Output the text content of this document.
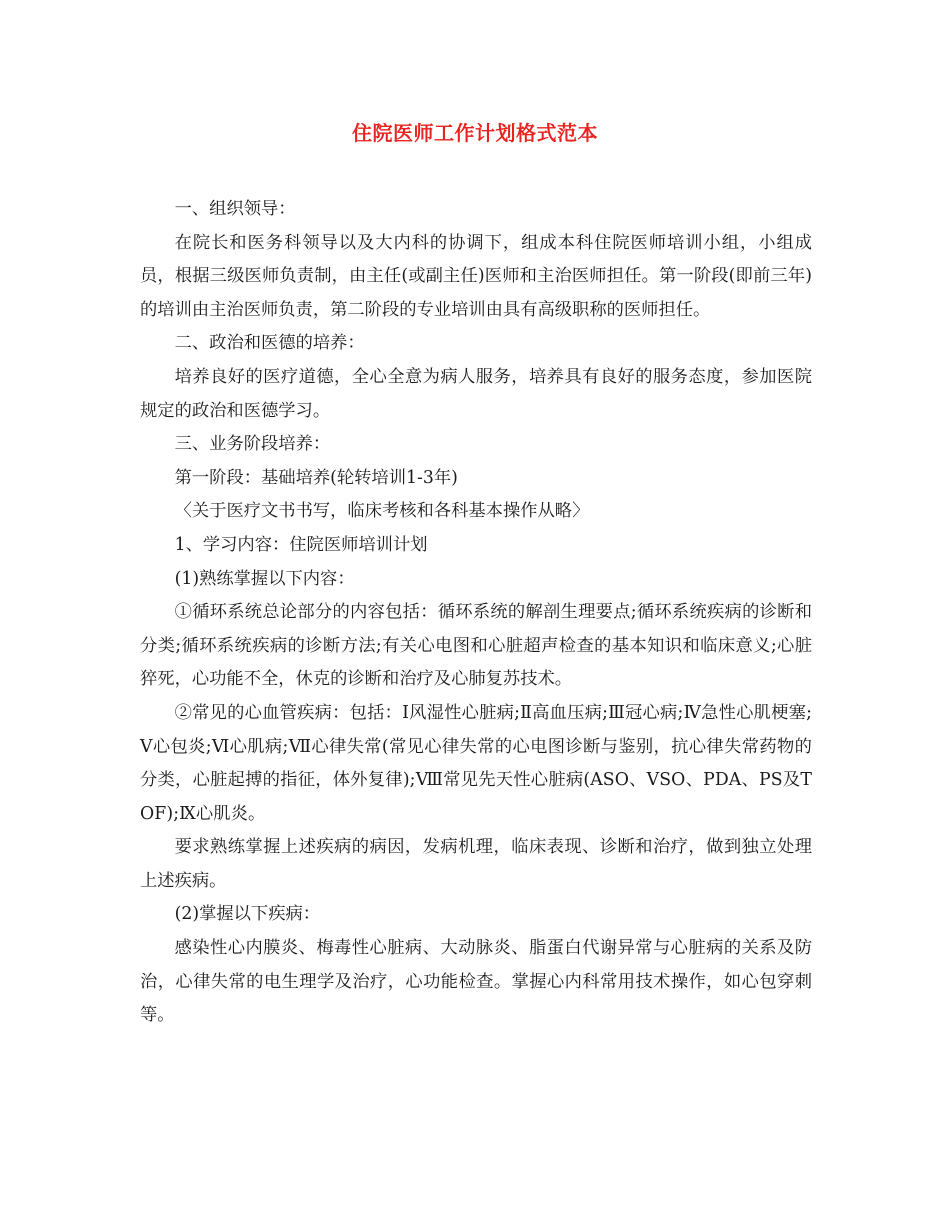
住院医师工作计划格式范本

一、组织领导：

在院长和医务科领导以及大内科的协调下，组成本科住院医师培训小组，小组成员，根据三级医师负责制，由主任(或副主任)医师和主治医师担任。第一阶段(即前三年)的培训由主治医师负责，第二阶段的专业培训由具有高级职称的医师担任。

二、政治和医德的培养：

培养良好的医疗道德，全心全意为病人服务，培养具有良好的服务态度，参加医院规定的政治和医德学习。

三、业务阶段培养：

第一阶段：基础培养(轮转培训1-3年)

〈关于医疗文书书写，临床考核和各科基本操作从略〉

1、学习内容：住院医师培训计划

(1)熟练掌握以下内容：

①循环系统总论部分的内容包括：循环系统的解剖生理要点;循环系统疾病的诊断和分类;循环系统疾病的诊断方法;有关心电图和心脏超声检查的基本知识和临床意义;心脏猝死，心功能不全，休克的诊断和治疗及心肺复苏技术。

②常见的心血管疾病：包括：Ⅰ风湿性心脏病;Ⅱ高血压病;Ⅲ冠心病;Ⅳ急性心肌梗塞;Ⅴ心包炎;Ⅵ心肌病;Ⅶ心律失常(常见心律失常的心电图诊断与鉴别，抗心律失常药物的分类，心脏起搏的指征，体外复律);Ⅷ常见先天性心脏病(ASO、VSO、PDA、PS及TOF);Ⅸ心肌炎。

要求熟练掌握上述疾病的病因，发病机理，临床表现、诊断和治疗，做到独立处理上述疾病。

(2)掌握以下疾病：

感染性心内膜炎、梅毒性心脏病、大动脉炎、脂蛋白代谢异常与心脏病的关系及防治，心律失常的电生理学及治疗，心功能检查。掌握心内科常用技术操作，如心包穿刺等。
